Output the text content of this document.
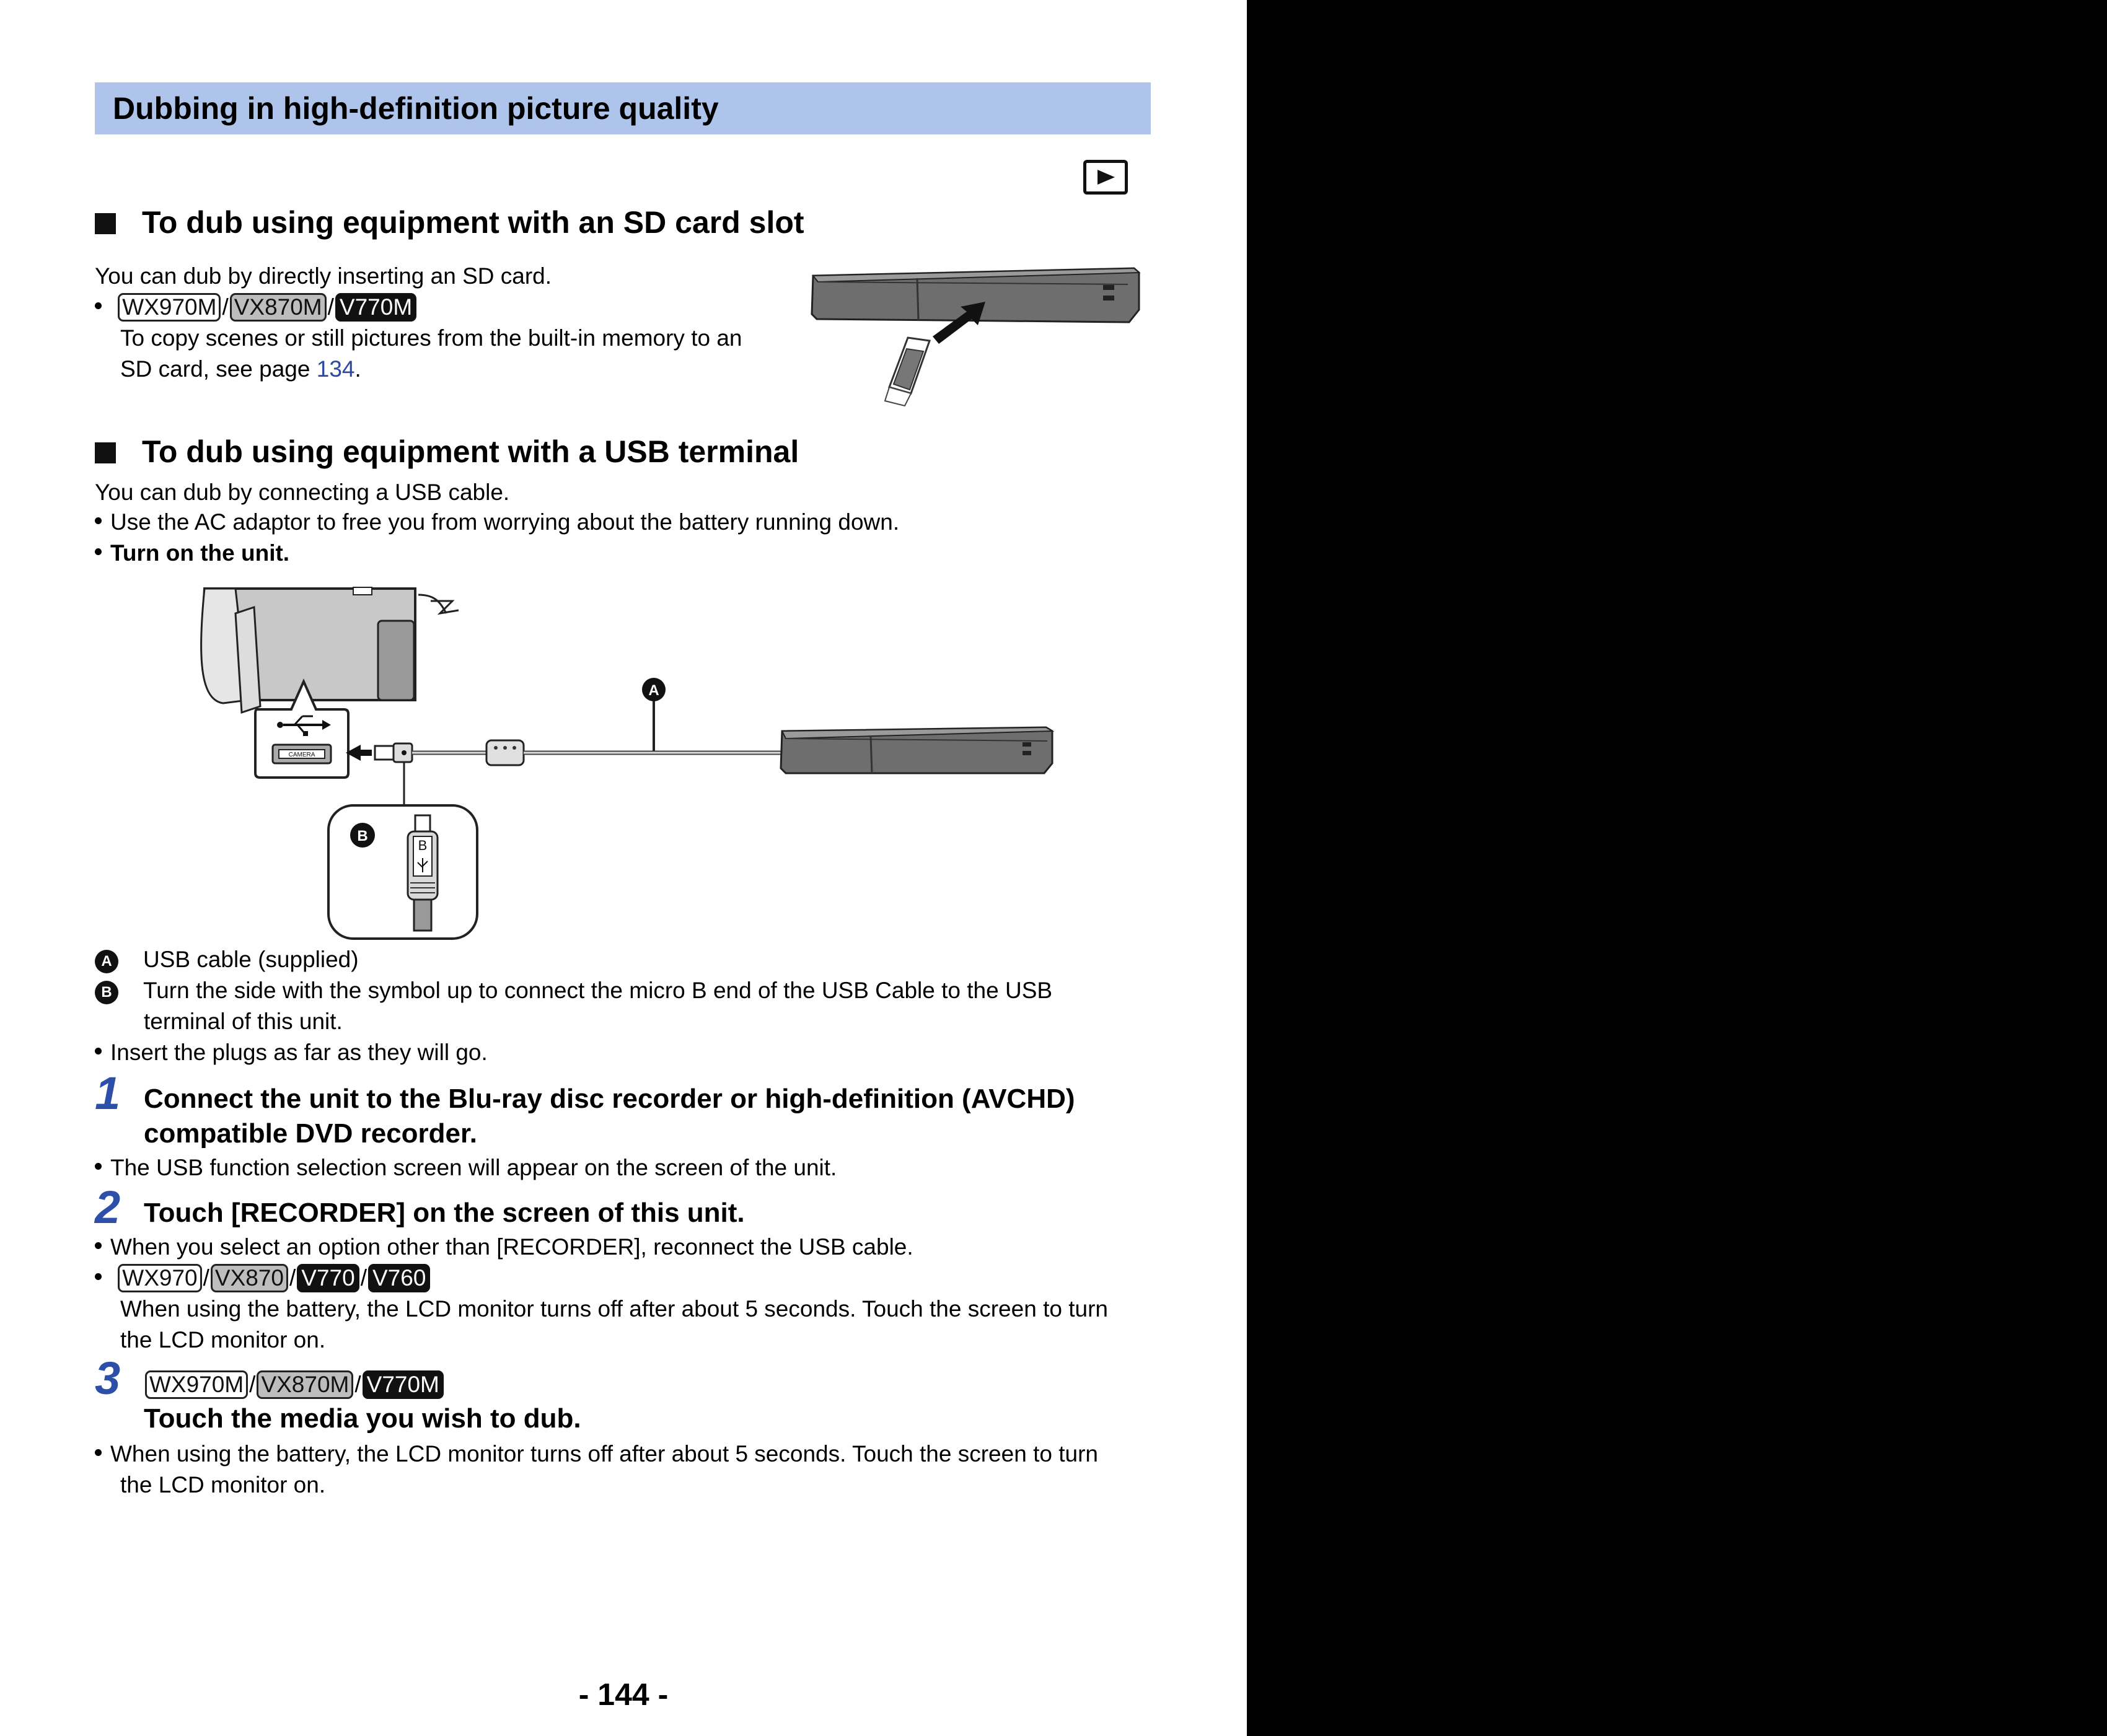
Dubbing in high-definition picture quality
To dub using equipment with an SD card slot
You can dub by directly inserting an SD card.
WX970M / VX870M / V770M
To copy scenes or still pictures from the built-in memory to an
SD card, see page 134.
To dub using equipment with a USB terminal
You can dub by connecting a USB cable.
Use the AC adaptor to free you from worrying about the battery running down.
Turn on the unit.
CAMERA
A
B
B
A USB cable (supplied)
B Turn the side with the symbol up to connect the micro B end of the USB Cable to the USB
terminal of this unit.
Insert the plugs as far as they will go.
1 Connect the unit to the Blu-ray disc recorder or high-definition (AVCHD)
compatible DVD recorder.
The USB function selection screen will appear on the screen of the unit.
2 Touch [RECORDER] on the screen of this unit.
When you select an option other than [RECORDER], reconnect the USB cable.
WX970 / VX870 / V770 / V760
When using the battery, the LCD monitor turns off after about 5 seconds. Touch the screen to turn
the LCD monitor on.
3 WX970M / VX870M / V770M
Touch the media you wish to dub.
When using the battery, the LCD monitor turns off after about 5 seconds. Touch the screen to turn
the LCD monitor on.
- 144 -
